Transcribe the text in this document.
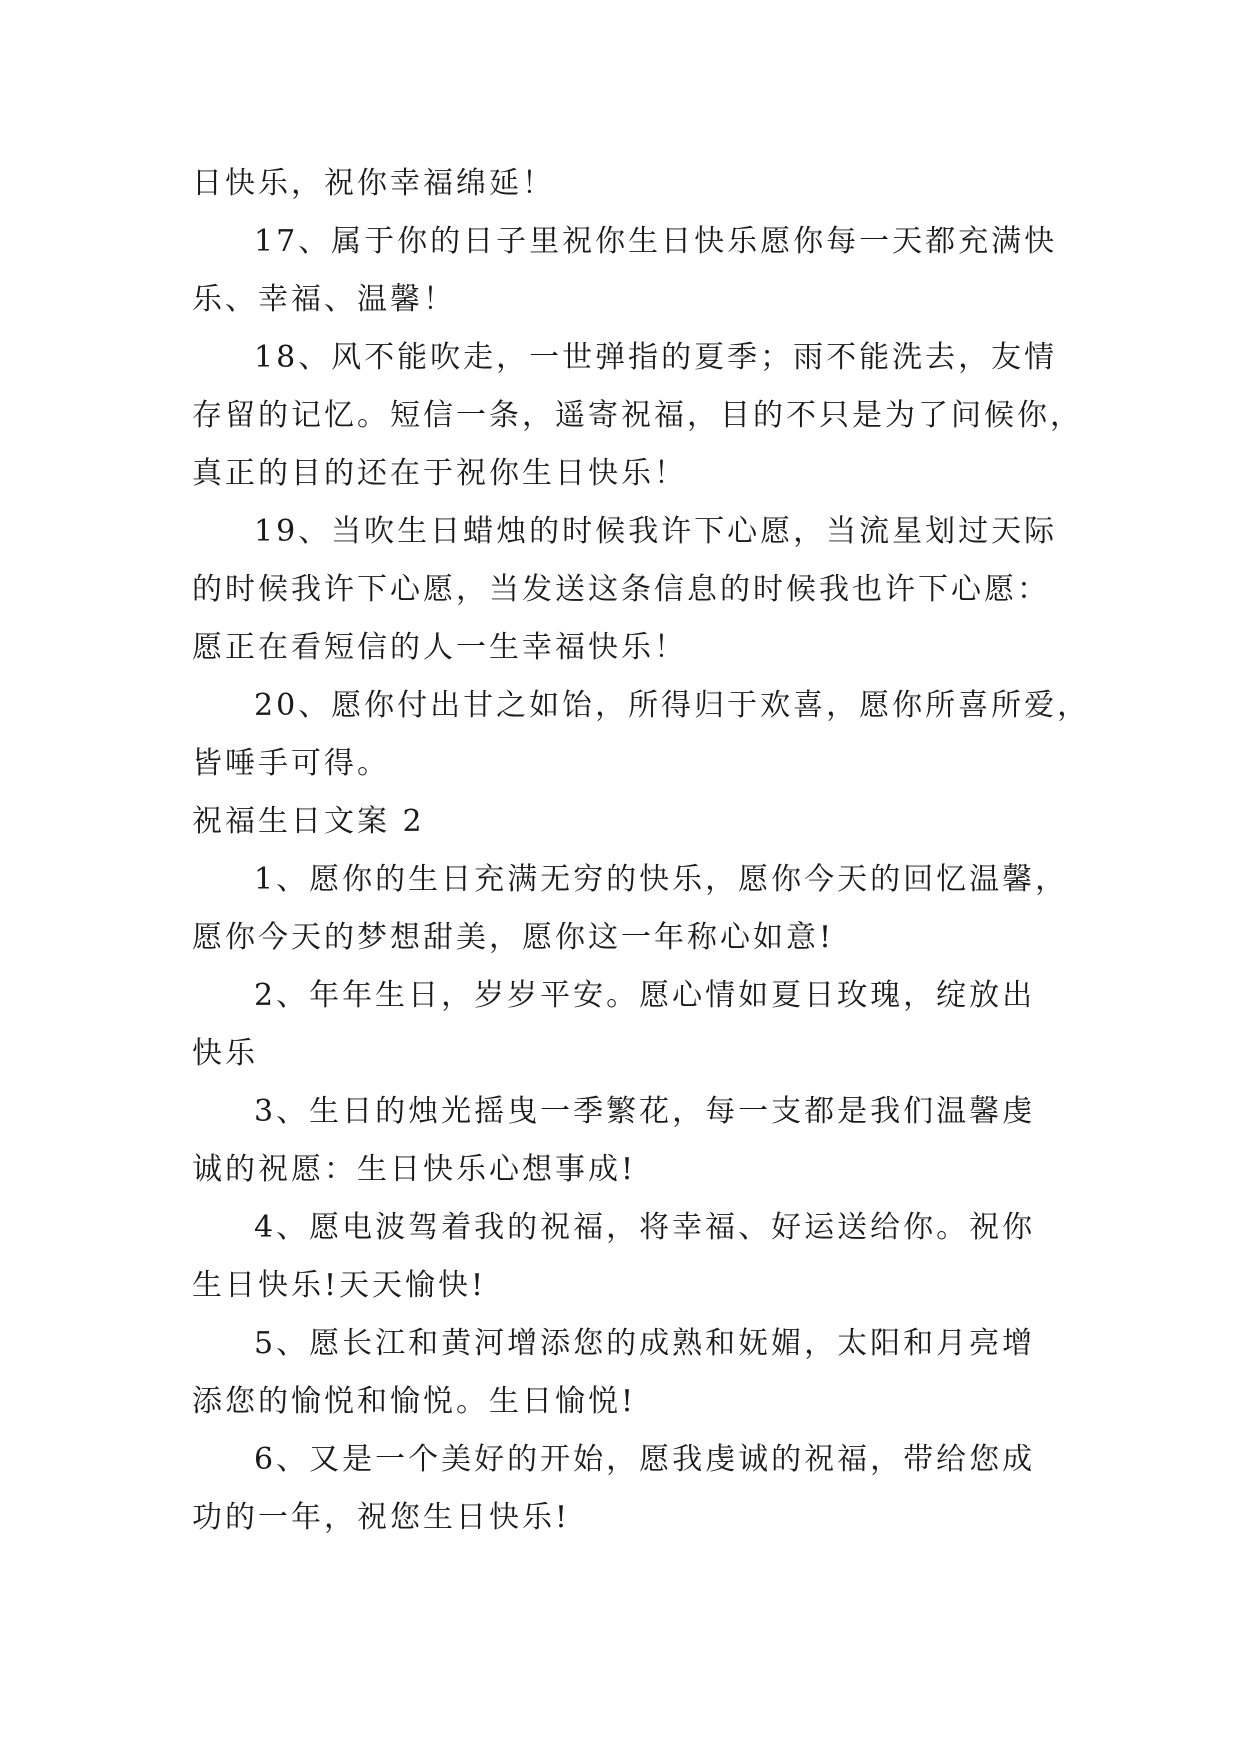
日快乐，祝你幸福绵延！
17、属于你的日子里祝你生日快乐愿你每一天都充满快
乐、幸福、温馨！
18、风不能吹走，一世弹指的夏季；雨不能洗去，友情
存留的记忆。短信一条，遥寄祝福，目的不只是为了问候你，
真正的目的还在于祝你生日快乐！
19、当吹生日蜡烛的时候我许下心愿，当流星划过天际
的时候我许下心愿，当发送这条信息的时候我也许下心愿：
愿正在看短信的人一生幸福快乐！
20、愿你付出甘之如饴，所得归于欢喜，愿你所喜所爱，
皆唾手可得。
祝福生日文案 2
1、愿你的生日充满无穷的快乐，愿你今天的回忆温馨，
愿你今天的梦想甜美，愿你这一年称心如意!
2、年年生日，岁岁平安。愿心情如夏日玫瑰，绽放出
快乐
3、生日的烛光摇曳一季繁花，每一支都是我们温馨虔
诚的祝愿：生日快乐心想事成!
4、愿电波驾着我的祝福，将幸福、好运送给你。祝你
生日快乐!天天愉快!
5、愿长江和黄河增添您的成熟和妩媚，太阳和月亮增
添您的愉悦和愉悦。生日愉悦!
6、又是一个美好的开始，愿我虔诚的祝福，带给您成
功的一年，祝您生日快乐!
